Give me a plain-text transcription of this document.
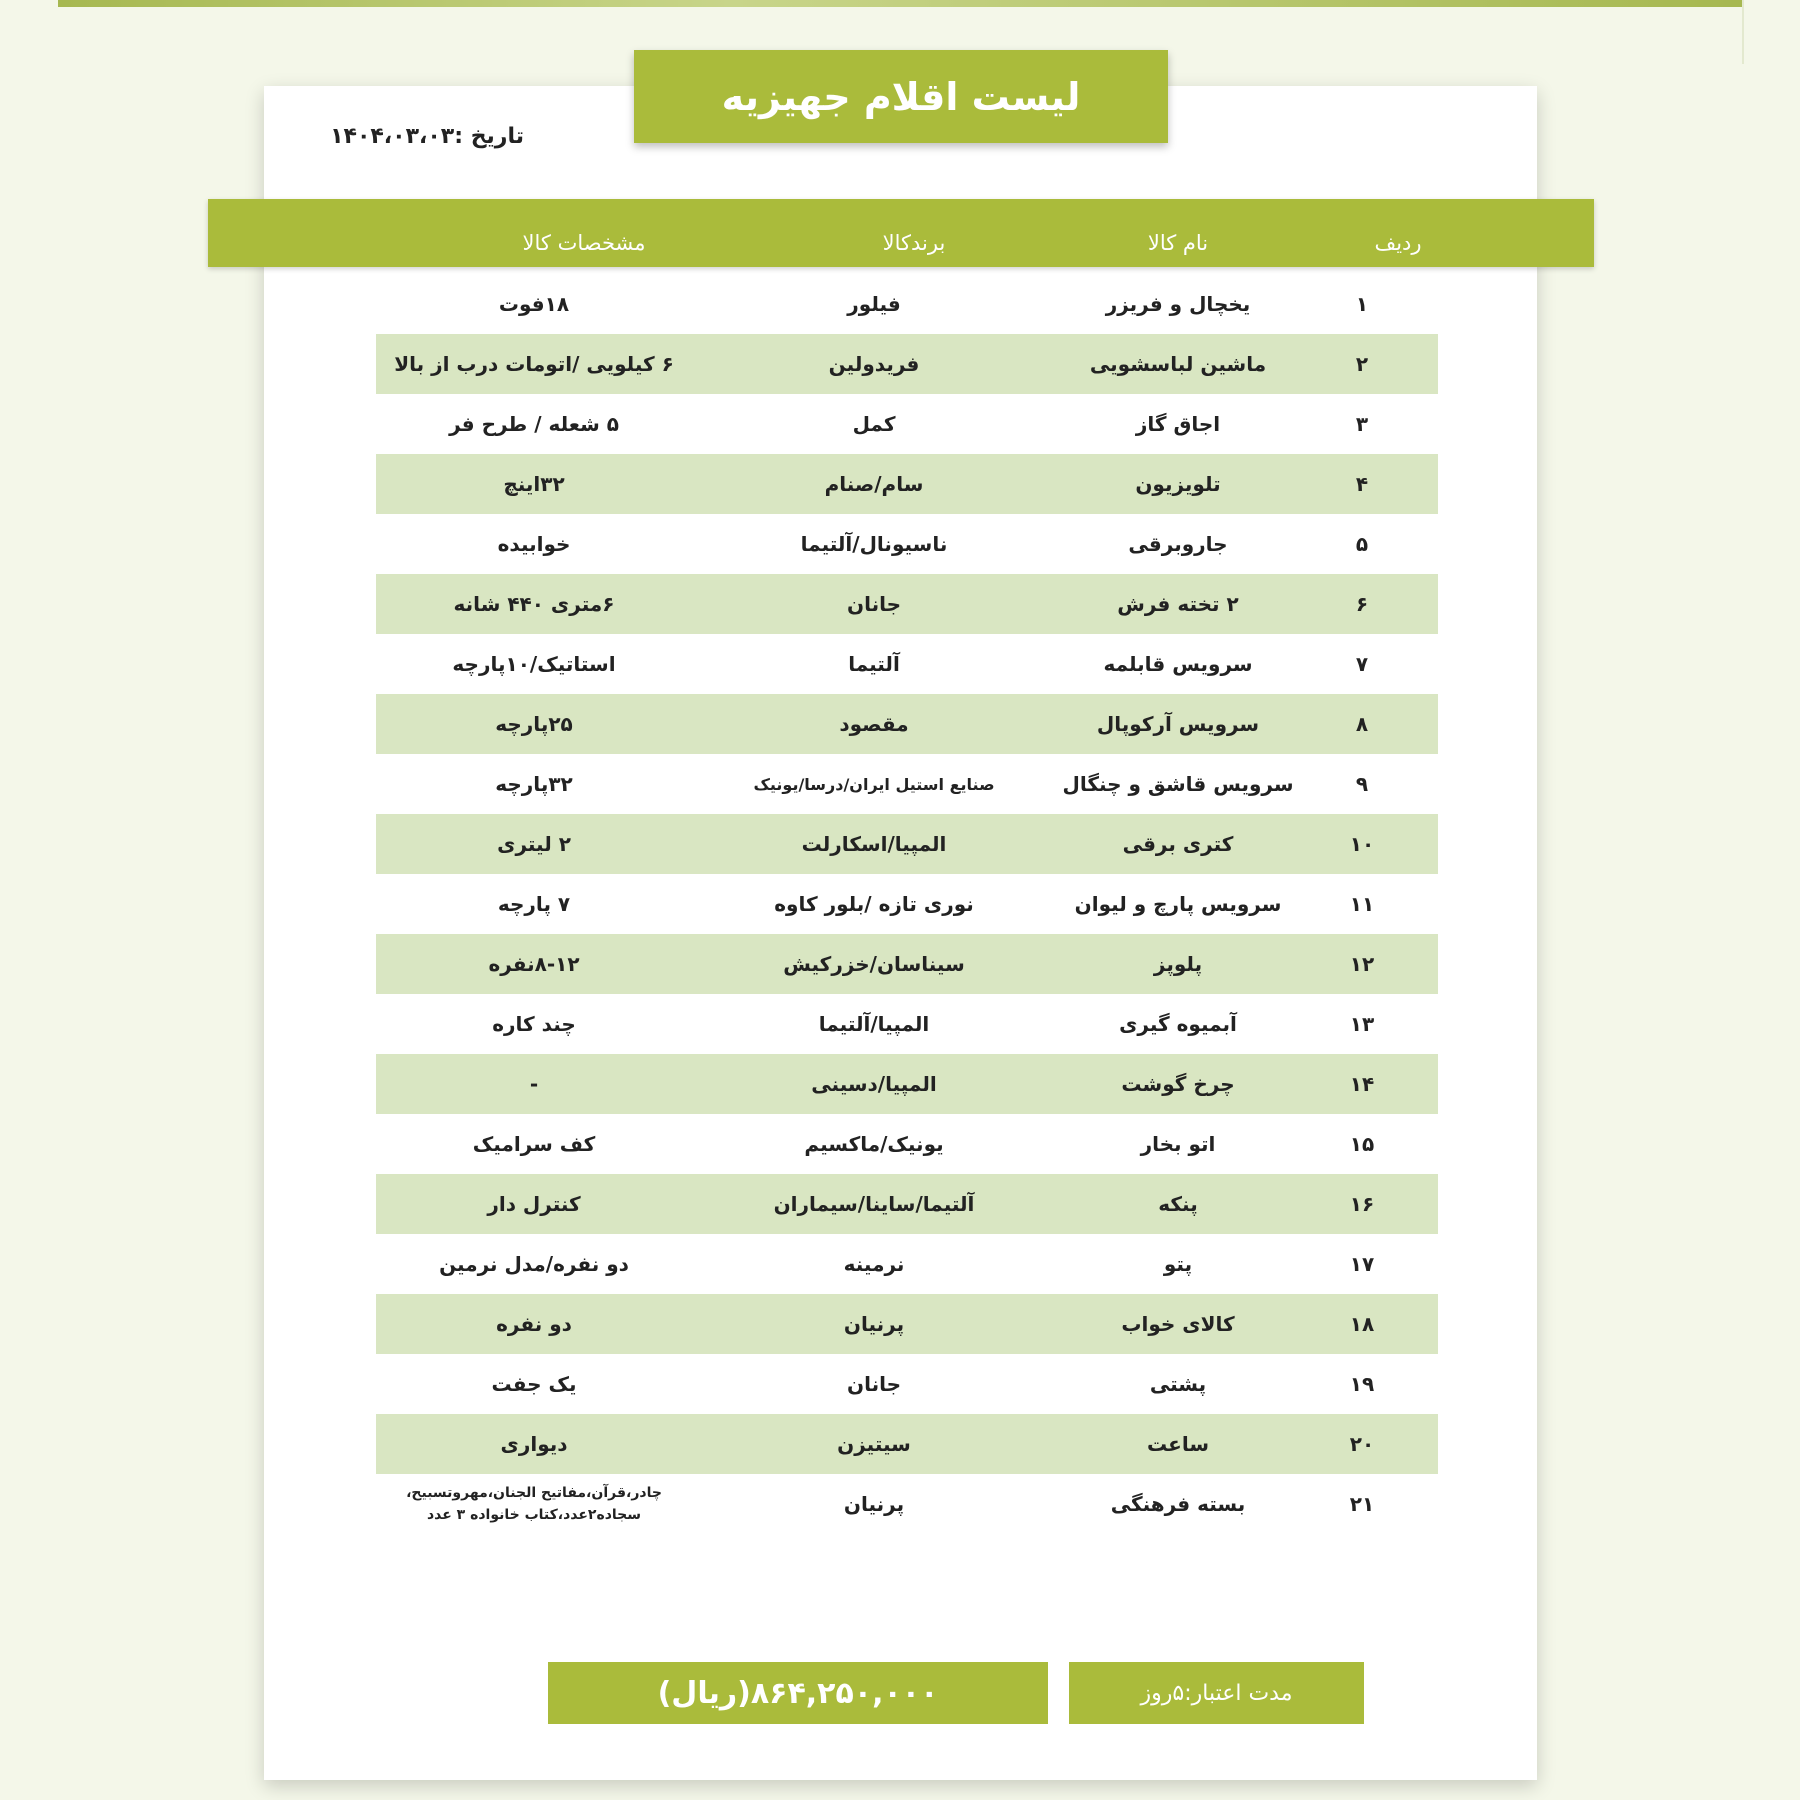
لیست اقلام جهیزیه
تاریخ :۱۴۰۴،۰۳،۰۳
ردیف
نام کالا
برندکالا
مشخصات کالا
۱
یخچال و فریزر
فیلور
۱۸فوت
۲
ماشین لباسشویی
فریدولین
۶ کیلویی /اتومات درب از بالا
۳
اجاق گاز
کمل
۵ شعله / طرح فر
۴
تلویزیون
سام/صنام
۳۲اینچ
۵
جاروبرقی
ناسیونال/آلتیما
خوابیده
۶
۲ تخته فرش
جانان
۶متری ۴۴۰ شانه
۷
سرویس قابلمه
آلتیما
استاتیک/۱۰پارچه
۸
سرویس آرکوپال
مقصود
۲۵پارچه
۹
سرویس قاشق و چنگال
صنایع استیل ایران/درسا/یونیک
۳۲پارچه
۱۰
کتری برقی
المپیا/اسکارلت
۲ لیتری
۱۱
سرویس پارچ و لیوان
نوری تازه /بلور کاوه
۷ پارچه
۱۲
پلوپز
سیناسان/خزرکیش
۸-۱۲نفره
۱۳
آبمیوه گیری
المپیا/آلتیما
چند کاره
۱۴
چرخ گوشت
المپیا/دسینی
-
۱۵
اتو بخار
یونیک/ماکسیم
کف سرامیک
۱۶
پنکه
آلتیما/ساینا/سیماران
کنترل دار
۱۷
پتو
نرمینه
دو نفره/مدل نرمین
۱۸
کالای خواب
پرنیان
دو نفره
۱۹
پشتی
جانان
یک جفت
۲۰
ساعت
سیتیزن
دیواری
۲۱
بسته فرهنگی
پرنیان
چادر،قرآن،مفاتیح الجنان،مهروتسبیح، سجاده۲عدد،کتاب خانواده ۳ عدد
مدت اعتبار:۵روز
۸۶۴,۲۵۰,۰۰۰(ریال)
